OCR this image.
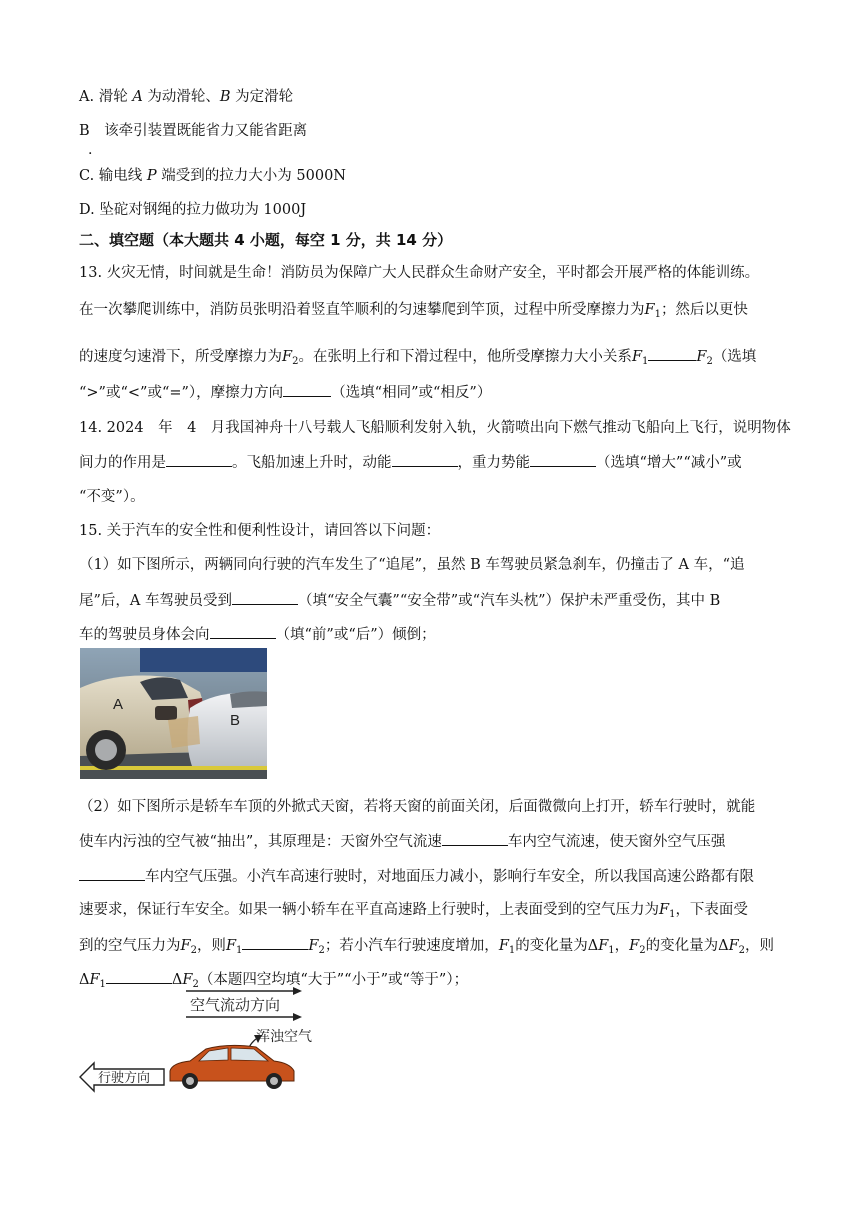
A. 滑轮 A 为动滑轮、B 为定滑轮
B　该牵引装置既能省力又能省距离
.
C. 输电线 P 端受到的拉力大小为 5000N
D. 坠砣对钢绳的拉力做功为 1000J
二、填空题（本大题共 4 小题，每空 1 分，共 14 分）
13. 火灾无情，时间就是生命！消防员为保障广大人民群众生命财产安全，平时都会开展严格的体能训练。
在一次攀爬训练中，消防员张明沿着竖直竿顺利的匀速攀爬到竿顶，过程中所受摩擦力为$F_1$；然后以更快
的速度匀速滑下，所受摩擦力为$F_2$。在张明上行和下滑过程中，他所受摩擦力大小关系$F_1$	$F_2$（选填
“>”或“<”或“=”），摩擦力方向	（选填“相同”或“相反”）
14. 2024　年　4　月我国神舟十八号载人飞船顺利发射入轨，火箭喷出向下燃气推动飞船向上飞行，说明物体
间力的作用是	。飞船加速上升时，动能	，重力势能	（选填“增大”“减小”或
“不变”）。
15. 关于汽车的安全性和便利性设计，请回答以下问题：
（1）如下图所示，两辆同向行驶的汽车发生了“追尾”，虽然 B 车驾驶员紧急刹车，仍撞击了 A 车，“追
尾”后，A 车驾驶员受到	（填“安全气囊”“安全带”或“汽车头枕”）保护未严重受伤，其中 B
车的驾驶员身体会向	（填“前”或“后”）倾倒；
A
B
（2）如下图所示是轿车车顶的外掀式天窗，若将天窗的前面关闭，后面微微向上打开，轿车行驶时，就能
使车内污浊的空气被“抽出”，其原理是：天窗外空气流速	车内空气流速，使天窗外空气压强
车内空气压强。小汽车高速行驶时，对地面压力减小，影响行车安全，所以我国高速公路都有限
速要求，保证行车安全。如果一辆小轿车在平直高速路上行驶时，上表面受到的空气压力为$F_1$，下表面受
到的空气压力为$F_2$，则$F_1$	$F_2$；若小汽车行驶速度增加，$F_1$的变化量为$\Delta F_1$，$F_2$的变化量为$\Delta F_2$，则
$\Delta F_1$	$\Delta F_2$（本题四空均填“大于”“小于”或“等于”）；
空气流动方向
浑浊空气
行驶方向
